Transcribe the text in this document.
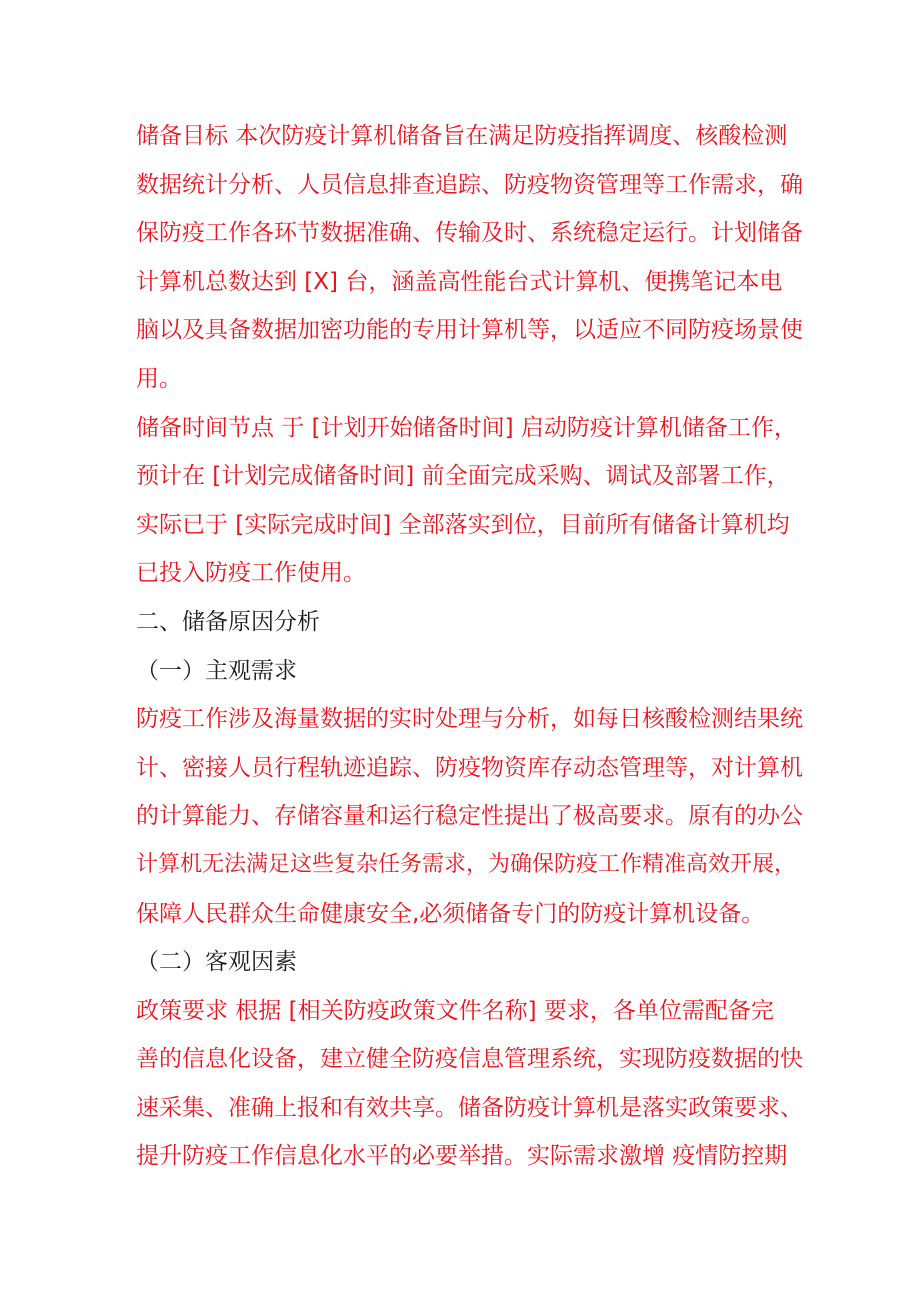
储备目标 本次防疫计算机储备旨在满足防疫指挥调度、核酸检测
数据统计分析、人员信息排查追踪、防疫物资管理等工作需求，确
保防疫工作各环节数据准确、传输及时、系统稳定运行。计划储备
计算机总数达到 [X] 台，涵盖高性能台式计算机、便携笔记本电
脑以及具备数据加密功能的专用计算机等，以适应不同防疫场景使
用。
储备时间节点 于 [计划开始储备时间] 启动防疫计算机储备工作，
预计在 [计划完成储备时间] 前全面完成采购、调试及部署工作，
实际已于 [实际完成时间] 全部落实到位，目前所有储备计算机均
已投入防疫工作使用。
二、储备原因分析
（一）主观需求
防疫工作涉及海量数据的实时处理与分析，如每日核酸检测结果统
计、密接人员行程轨迹追踪、防疫物资库存动态管理等，对计算机
的计算能力、存储容量和运行稳定性提出了极高要求。原有的办公
计算机无法满足这些复杂任务需求，为确保防疫工作精准高效开展，
保障人民群众生命健康安全,必须储备专门的防疫计算机设备。
（二）客观因素
政策要求 根据 [相关防疫政策文件名称] 要求，各单位需配备完
善的信息化设备，建立健全防疫信息管理系统，实现防疫数据的快
速采集、准确上报和有效共享。储备防疫计算机是落实政策要求、
提升防疫工作信息化水平的必要举措。实际需求激增 疫情防控期
